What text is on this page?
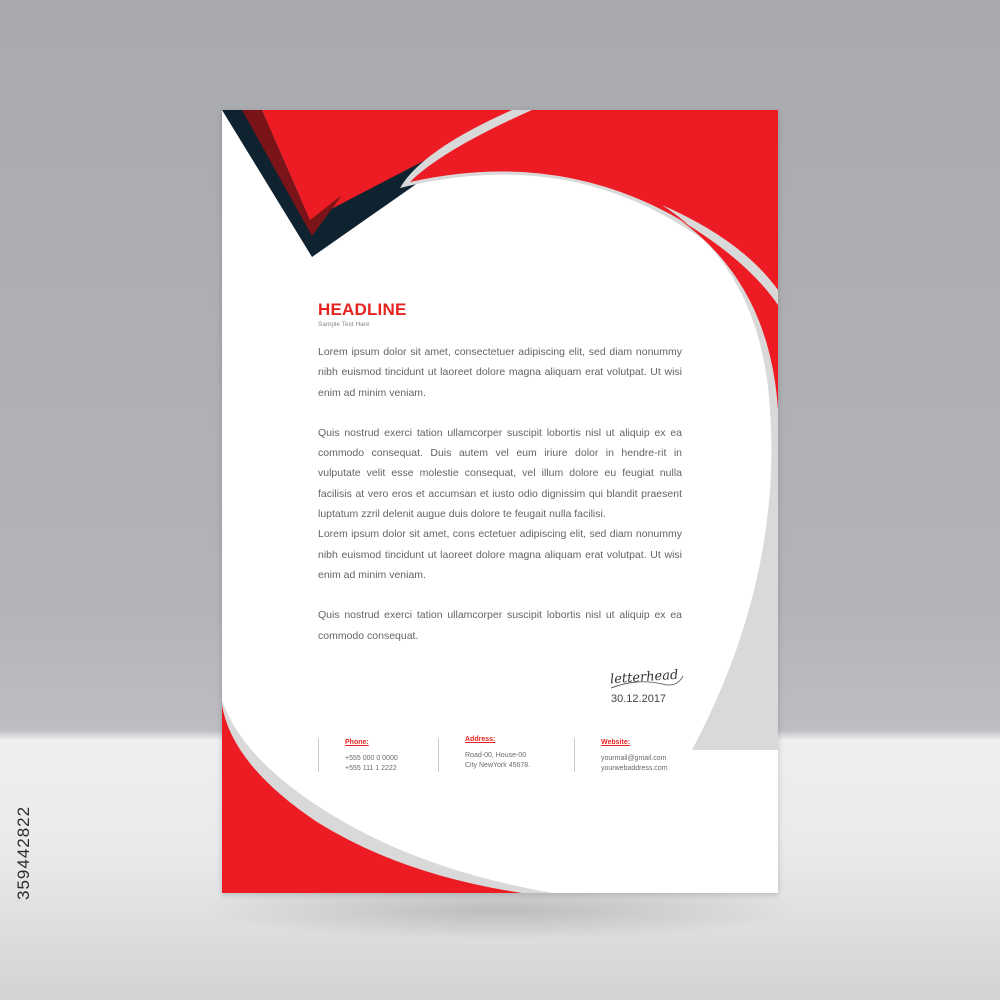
HEADLINE
Sample Text Hare

Lorem ipsum dolor sit amet, consectetuer adipiscing elit, sed diam nonummy nibh euismod tincidunt ut laoreet dolore magna aliquam erat volutpat. Ut wisi enim ad minim veniam.

Quis nostrud exerci tation ullamcorper suscipit lobortis nisl ut aliquip ex ea commodo consequat. Duis autem vel eum iriure dolor in hendre-rit in vulputate velit esse molestie consequat, vel illum dolore eu feugiat nulla facilisis at vero eros et accumsan et iusto odio dignissim qui blandit praesent luptatum zzril delenit augue duis dolore te feugait nulla facilisi.

Lorem ipsum dolor sit amet, cons ectetuer adipiscing elit, sed diam nonummy nibh euismod tincidunt ut laoreet dolore magna aliquam erat volutpat. Ut wisi enim ad minim veniam.

Quis nostrud exerci tation ullamcorper suscipit lobortis nisl ut aliquip ex ea commodo consequat.

letterhead
30.12.2017
Phone:
+555 000 0 0000
+555 111 1 2222
Address:
Road-00, House-00
City NewYork 45678.
Website:
yourmail@gmail.com
yourwebaddress.com
359442822
